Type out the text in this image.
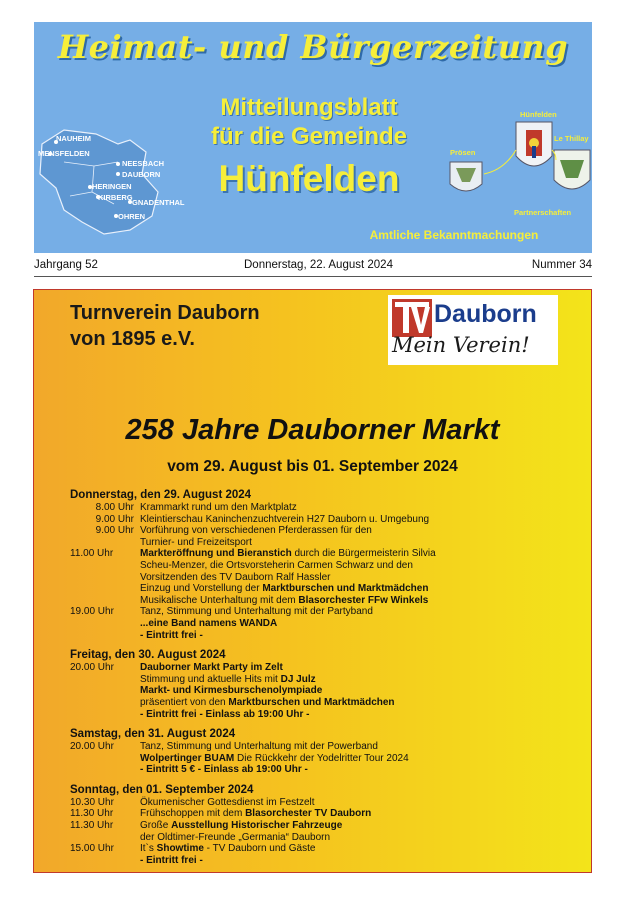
Heimat- und Bürgerzeitung
NAUHEIM
MENSFELDEN
NEESBACH
DAUBORN
HERINGEN
KIRBERG
GNADENTHAL
OHREN
Mitteilungsblatt
für die Gemeinde
Hünfelden
Hünfelden
Prösen
Le Thillay
Partnerschaften
Amtliche Bekanntmachungen
Jahrgang 52	Donnerstag, 22. August 2024	Nummer 34
Turnverein Dauborn
von 1895 e.V.
TV Dauborn
Mein Verein!
258 Jahre Dauborner Markt
vom 29. August bis 01. September 2024
Donnerstag, den 29. August 2024
8.00 Uhr Krammarkt rund um den Marktplatz
9.00 Uhr Kleintierschau Kaninchenzuchtverein H27 Dauborn u. Umgebung
9.00 Uhr Vorführung von verschiedenen Pferderassen für den
Turnier- und Freizeitsport
11.00 Uhr	Markteröffnung und Bieranstich durch die Bürgermeisterin Silvia
Scheu-Menzer, die Ortsvorsteherin Carmen Schwarz und den
Vorsitzenden des TV Dauborn Ralf Hassler
Einzug und Vorstellung der Marktburschen und Marktmädchen
Musikalische Unterhaltung mit dem Blasorchester FFw Winkels
19.00 Uhr	Tanz, Stimmung und Unterhaltung mit der Partyband
...eine Band namens WANDA
- Eintritt frei -
Freitag, den 30. August 2024
20.00 Uhr	Dauborner Markt Party im Zelt
Stimmung und aktuelle Hits mit DJ Julz
Markt- und Kirmesburschenolympiade
präsentiert von den Marktburschen und Marktmädchen
- Eintritt frei - Einlass ab 19:00 Uhr -
Samstag, den 31. August 2024
20.00 Uhr	Tanz, Stimmung und Unterhaltung mit der Powerband
Wolpertinger BUAM Die Rückkehr der Yodelritter Tour 2024
- Eintritt 5 € - Einlass ab 19:00 Uhr -
Sonntag, den 01. September 2024
10.30 Uhr	Ökumenischer Gottesdienst im Festzelt
11.30 Uhr	Frühschoppen mit dem Blasorchester TV Dauborn
11.30 Uhr	Große Ausstellung Historischer Fahrzeuge
der Oldtimer-Freunde „Germania“ Dauborn
15.00 Uhr	It`s Showtime - TV Dauborn und Gäste
- Eintritt frei -
